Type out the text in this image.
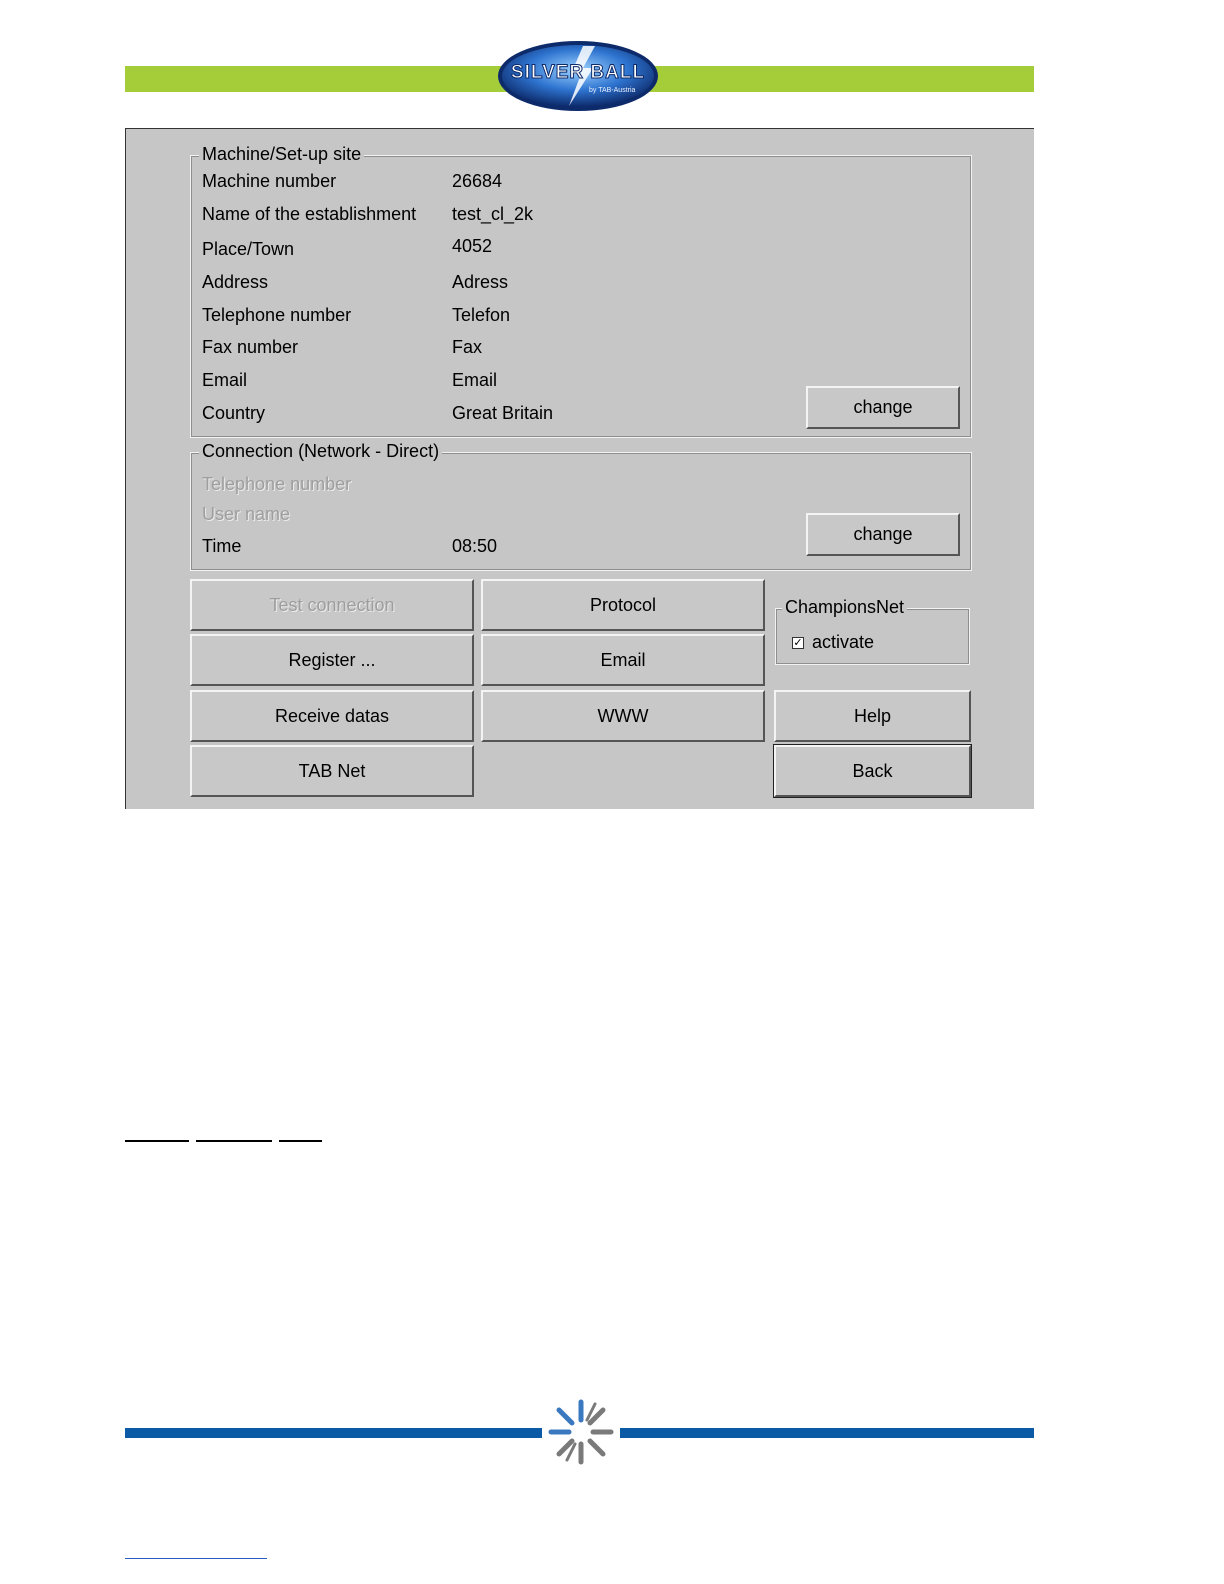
SILVER BALL
by TAB-Austria
Machine/Set-up site
Machine number	26684
Name of the establishment test_cl_2k
Place/Town	4052
Address	Adress
Telephone number	Telefon
Fax number	Fax
Email	Email
Country	Great Britain	change
Connection (Network - Direct)
Telephone number
User name
Time	08:50
change
Test connection	Protocol
Register ...	Email
Receive datas	WWW
TAB Net
ChampionsNet
✓ activate
Help
Back
